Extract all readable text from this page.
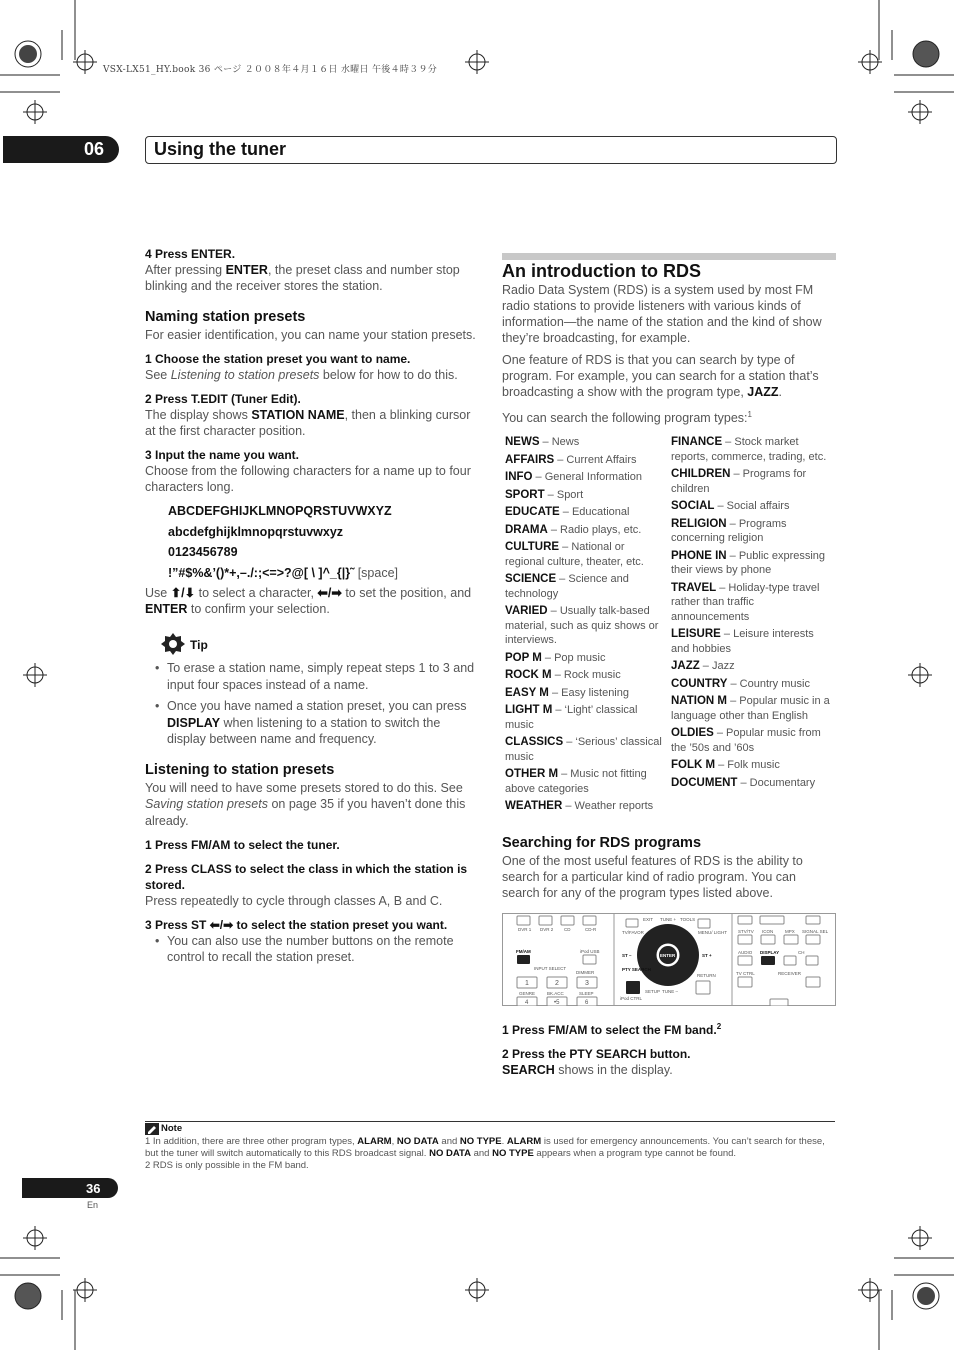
VSX-LX51_HY.book 36 ページ ２００８年４月１６日 水曜日 午後４時３９分
06	Using the tuner

4 Press ENTER.

After pressing ENTER, the preset class and number stop blinking and the receiver stores the station.

Naming station presets

For easier identification, you can name your station presets.

1 Choose the station preset you want to name.

See Listening to station presets below for how to do this.

2 Press T.EDIT (Tuner Edit).

The display shows STATION NAME, then a blinking cursor at the first character position.

3 Input the name you want.

Choose from the following characters for a name up to four characters long.

ABCDEFGHIJKLMNOPQRSTUVWXYZ
abcdefghijklmnopqrstuvwxyz
0123456789
!”#$%&’()*+,–./:;<=>?@[ \ ]^_{|}˜ [space]

Use ⬆/⬇ to select a character, ⬅/➡ to set the position, and ENTER to confirm your selection.

Tip

• To erase a station name, simply repeat steps 1 to 3 and input four spaces instead of a name.

• Once you have named a station preset, you can press DISPLAY when listening to a station to switch the display between name and frequency.

Listening to station presets

You will need to have some presets stored to do this. See Saving station presets on page 35 if you haven’t done this already.

1 Press FM/AM to select the tuner.

2 Press CLASS to select the class in which the station is stored.

Press repeatedly to cycle through classes A, B and C.

3 Press ST ⬅/➡ to select the station preset you want.

• You can also use the number buttons on the remote control to recall the station preset.

An introduction to RDS

Radio Data System (RDS) is a system used by most FM radio stations to provide listeners with various kinds of information—the name of the station and the kind of show they’re broadcasting, for example.

One feature of RDS is that you can search by type of program. For example, you can search for a station that’s broadcasting a show with the program type, JAZZ.

You can search the following program types:$^1$

NEWS – News
AFFAIRS – Current Affairs
INFO – General Information
SPORT – Sport
EDUCATE – Educational
DRAMA – Radio plays, etc.
CULTURE – National or regional culture, theater, etc.
SCIENCE – Science and technology
VARIED – Usually talk-based material, such as quiz shows or interviews.
POP M – Pop music
ROCK M – Rock music
EASY M – Easy listening
LIGHT M – ‘Light’ classical music
CLASSICS – ‘Serious’ classical music
OTHER M – Music not fitting above categories
WEATHER – Weather reports
FINANCE – Stock market reports, commerce, trading, etc.
CHILDREN – Programs for children
SOCIAL – Social affairs
RELIGION – Programs concerning religion
PHONE IN – Public expressing their views by phone
TRAVEL – Holiday-type travel rather than traffic announcements
LEISURE – Leisure interests and hobbies
JAZZ – Jazz
COUNTRY – Country music
NATION M – Popular music in a language other than English
OLDIES – Popular music from the ’50s and ’60s
FOLK M – Folk music
DOCUMENT – Documentary

Searching for RDS programs

One of the most useful features of RDS is the ability to search for a particular kind of radio program. You can search for any of the program types listed above.

DVR 1 DVR 2 CD	CD-R
FM/AM	iPod USB
INPUT SELECT
DIMMER
1	2	3
GENRE	BK.ACC	SLEEP
4	•5	6
ENTER
EXIT TUNE + TOOLS
TV/FAVOR	MENU/ LIGHT
ST –	ST +
PTY SEARCH
RETURN
SETUP TUNE –
iPod CTRL
STV/TV ICON	MPX SIGNAL SEL
AUDIO DISPLAY	CH
TV CTRL	RECEIVER

1 Press FM/AM to select the FM band.$^2$

2 Press the PTY SEARCH button.

SEARCH shows in the display.

Note
1 In addition, there are three other program types, ALARM, NO DATA and NO TYPE. ALARM is used for emergency announcements. You can’t search for these, but the tuner will switch automatically to this RDS broadcast signal. NO DATA and NO TYPE appears when a program type cannot be found.
2 RDS is only possible in the FM band.
36
En
